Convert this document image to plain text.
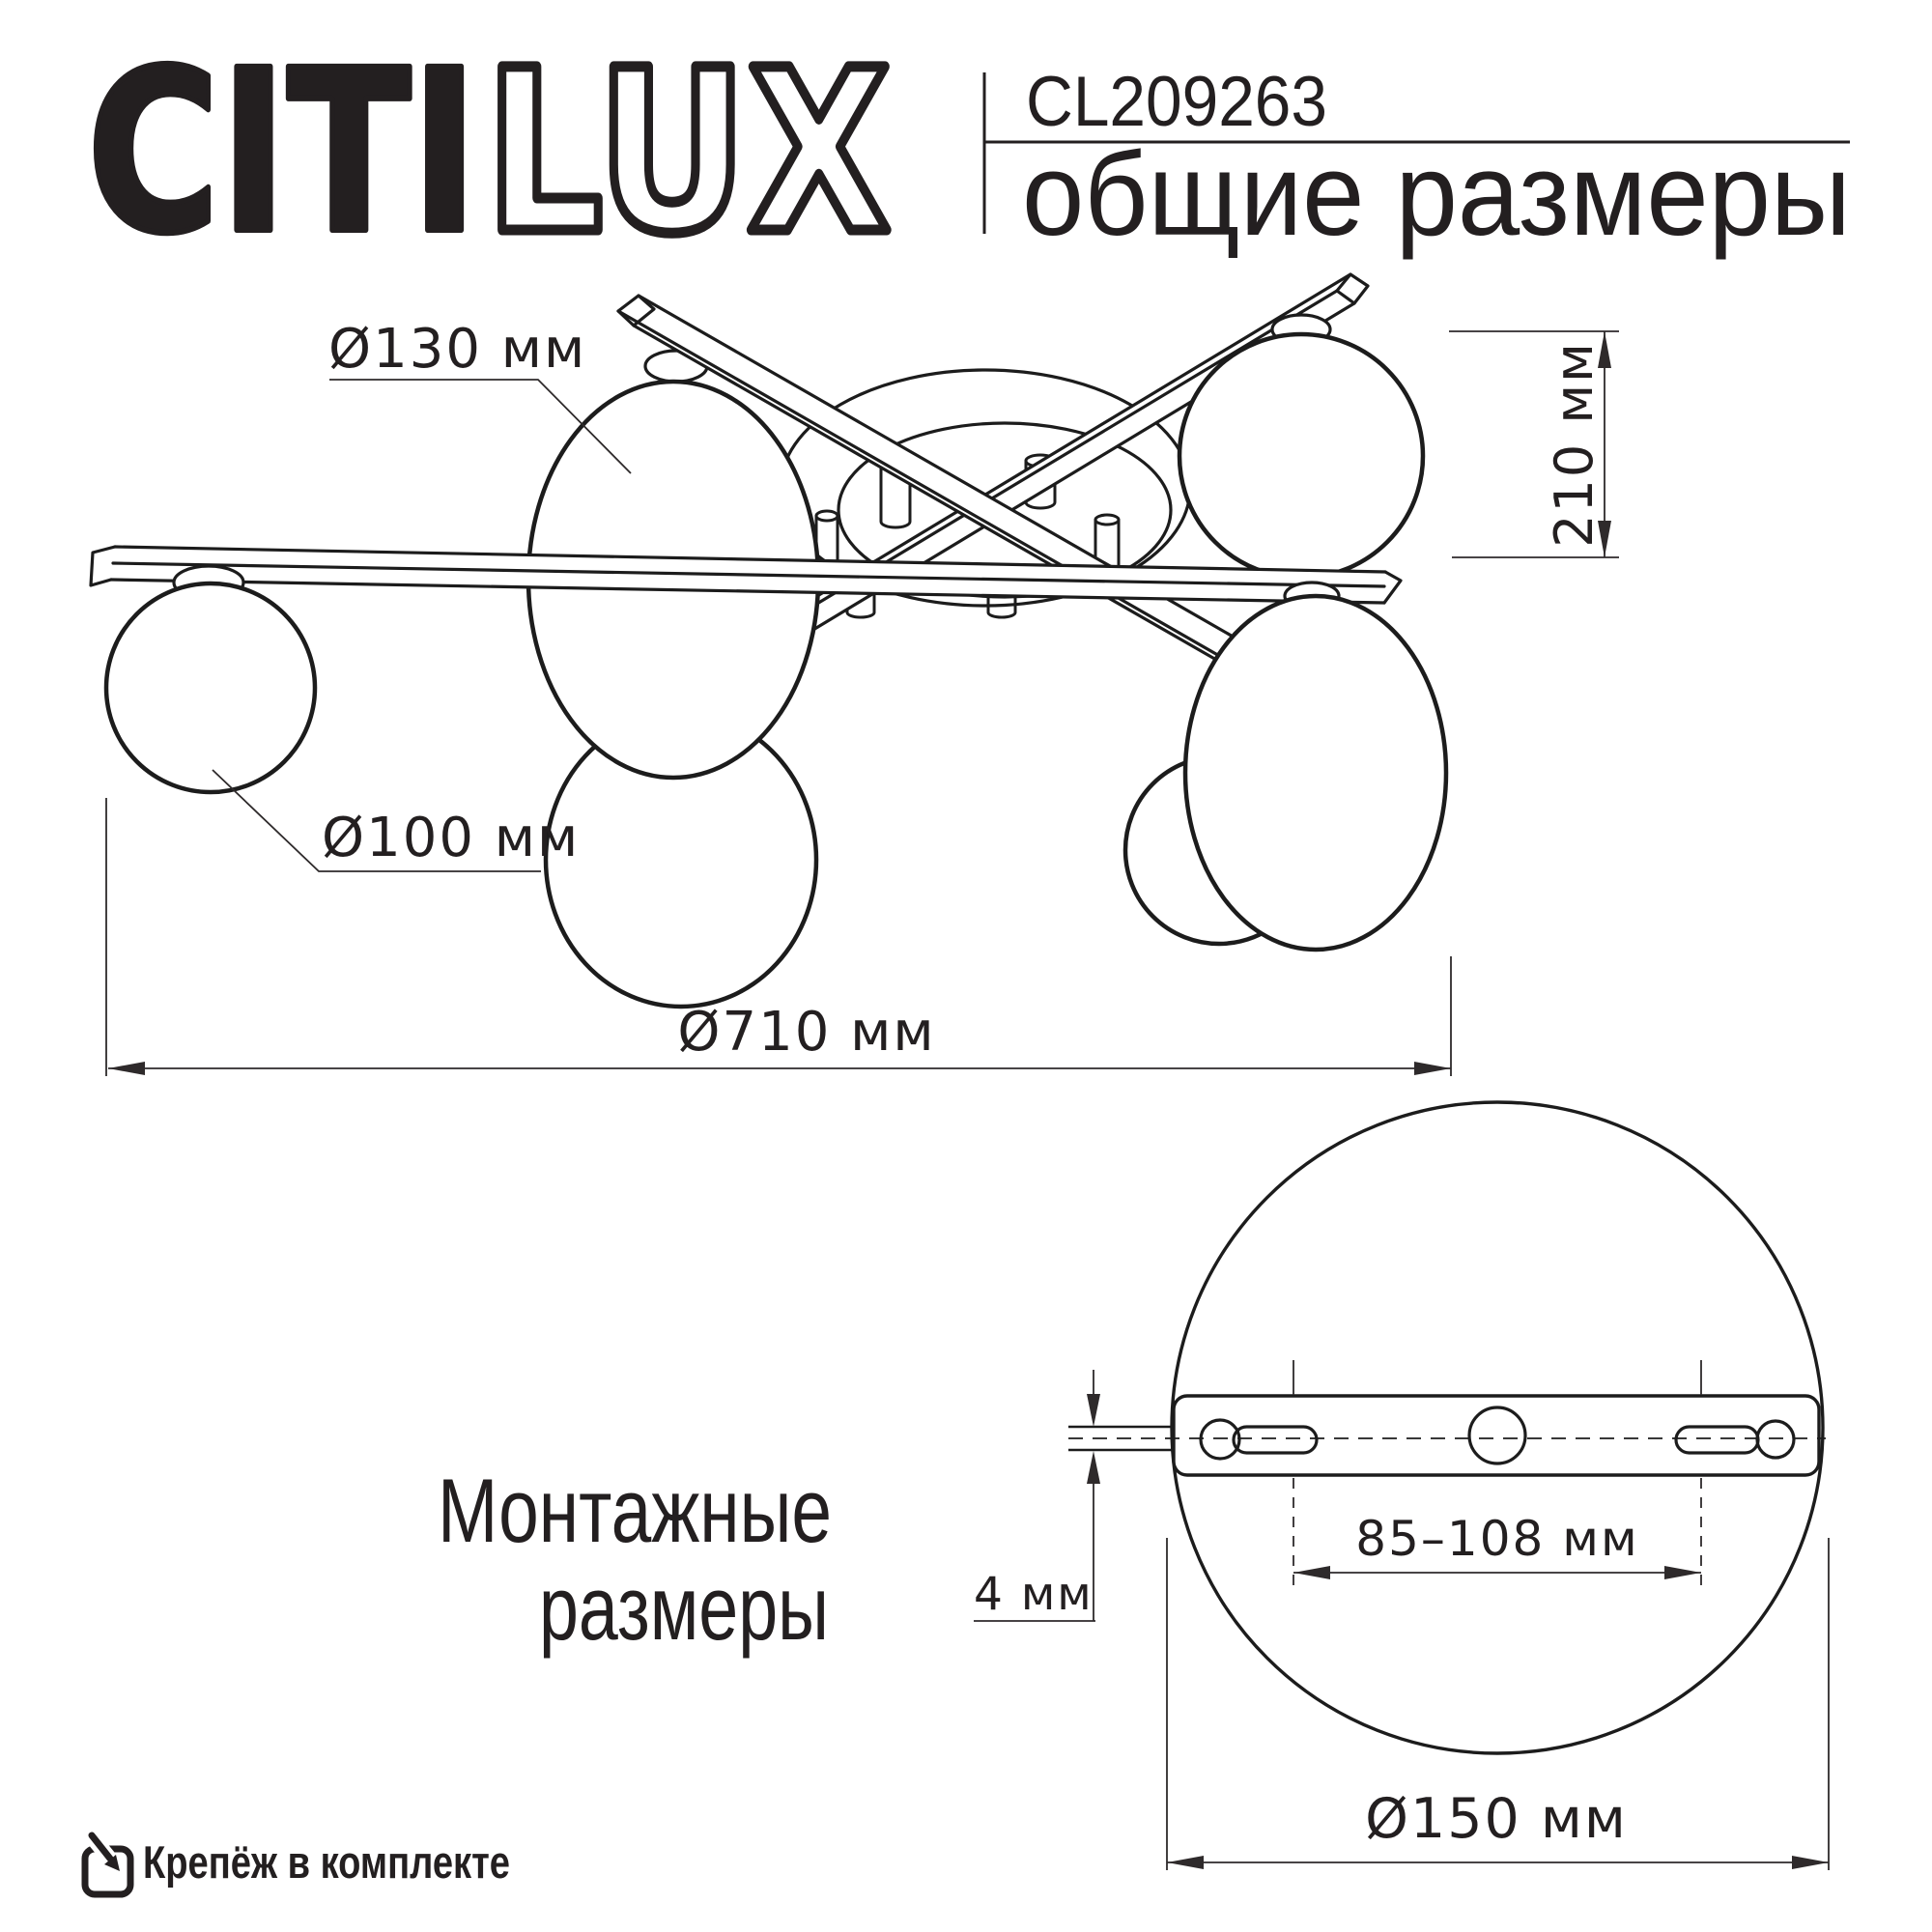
CITI LUX CL209263
общие размеры
Ø130 мм
Ø100 мм
Ø710 мм
210 мм
85–108 мм
4 мм
Ø150 мм
Монтажные
размеры
Крепёж в комплекте
